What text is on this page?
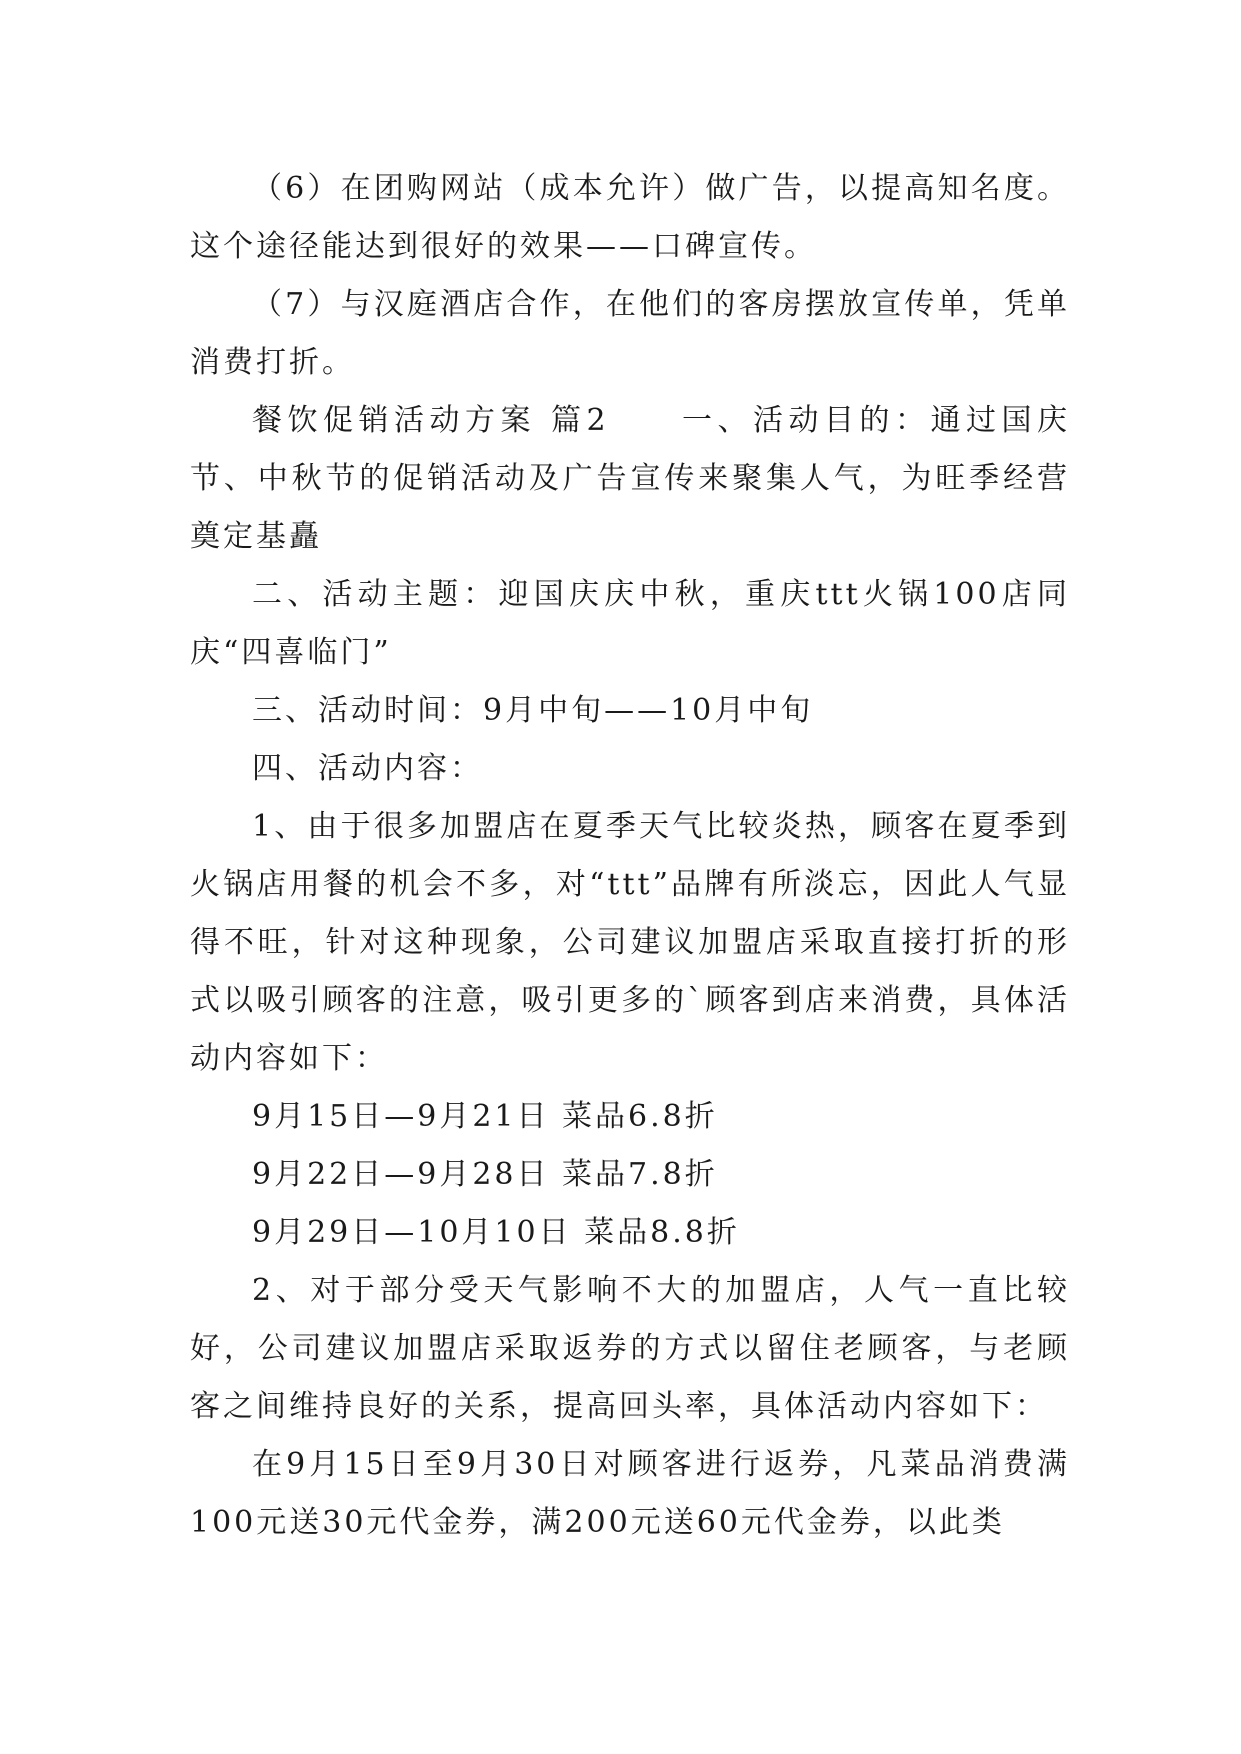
（6）在团购网站（成本允许）做广告，以提高知名度。这个途径能达到很好的效果——口碑宣传。

（7）与汉庭酒店合作，在他们的客房摆放宣传单，凭单消费打折。

餐饮促销活动方案 篇2　　一、活动目的：通过国庆节、中秋节的促销活动及广告宣传来聚集人气，为旺季经营奠定基矗

二、活动主题：迎国庆庆中秋，重庆ttt火锅100店同庆“四喜临门”

三、活动时间：9月中旬——10月中旬

四、活动内容：

1、由于很多加盟店在夏季天气比较炎热，顾客在夏季到火锅店用餐的机会不多，对“ttt”品牌有所淡忘，因此人气显得不旺，针对这种现象，公司建议加盟店采取直接打折的形式以吸引顾客的注意，吸引更多的`顾客到店来消费，具体活动内容如下：

9月15日—9月21日 菜品6.8折

9月22日—9月28日 菜品7.8折

9月29日—10月10日 菜品8.8折

2、对于部分受天气影响不大的加盟店，人气一直比较好，公司建议加盟店采取返券的方式以留住老顾客，与老顾客之间维持良好的关系，提高回头率，具体活动内容如下：

在9月15日至9月30日对顾客进行返券，凡菜品消费满100元送30元代金券，满200元送60元代金券，以此类
